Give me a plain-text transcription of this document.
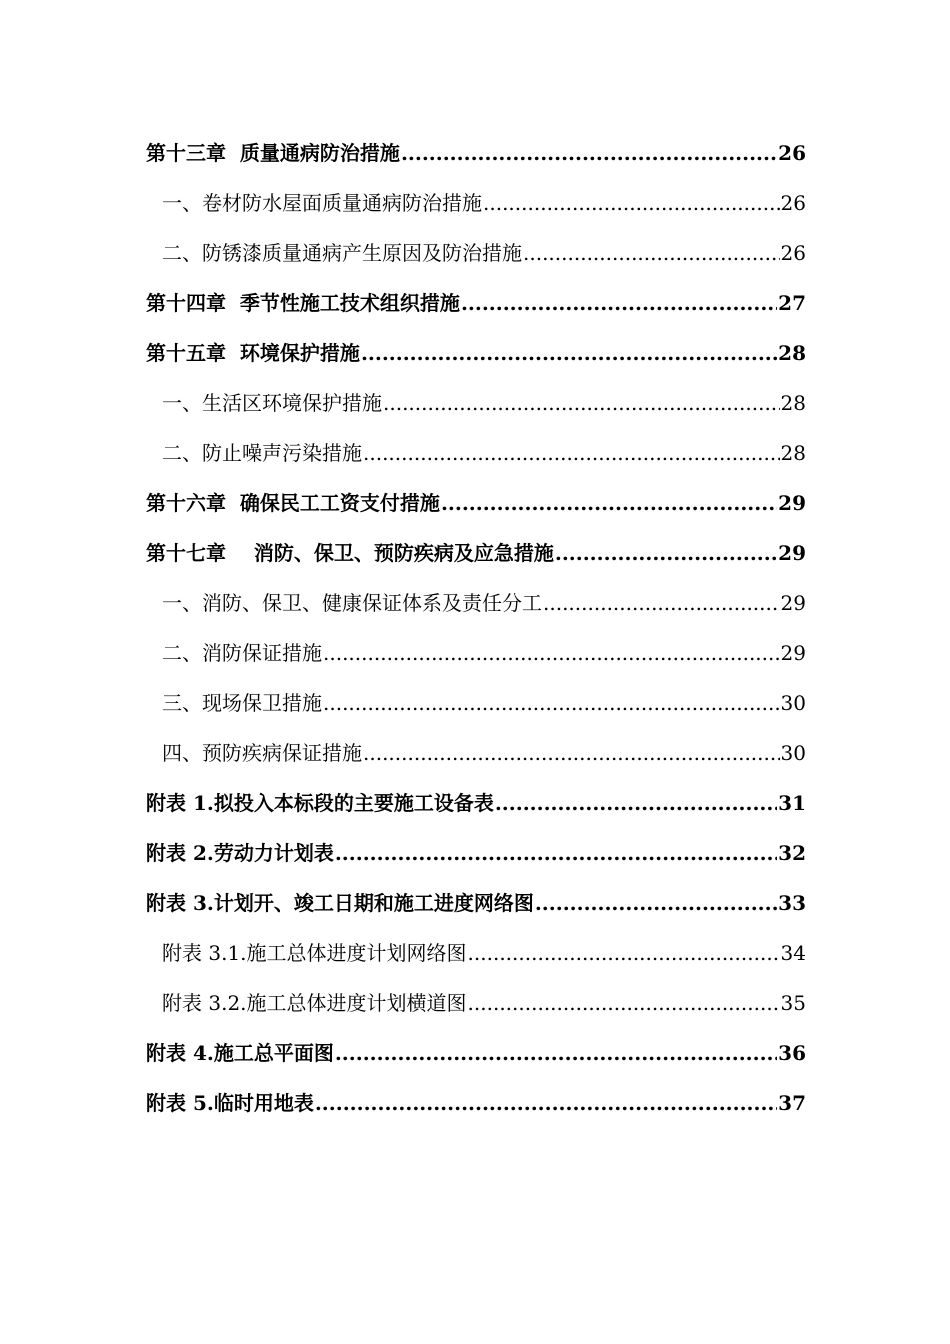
第十三章  质量通病防治措施 .....	26
一、卷材防水屋面质量通病防治措施 .....	26
二、防锈漆质量通病产生原因及防治措施 .....	26
第十四章  季节性施工技术组织措施 .....	27
第十五章  环境保护措施 .....	28
一、生活区环境保护措施 .....	28
二、防止噪声污染措施 .....	28
第十六章  确保民工工资支付措施 .....	29
第十七章    消防、保卫、预防疾病及应急措施 .....	29
一、消防、保卫、健康保证体系及责任分工 .....	29
二、消防保证措施 .....	29
三、现场保卫措施 .....	30
四、预防疾病保证措施 .....	30
附表 1.拟投入本标段的主要施工设备表 .....	31
附表 2.劳动力计划表 .....	32
附表 3.计划开、竣工日期和施工进度网络图 .....	33
附表 3.1.施工总体进度计划网络图 .....	34
附表 3.2.施工总体进度计划横道图 .....	35
附表 4.施工总平面图 .....	36
附表 5.临时用地表 .....	37
